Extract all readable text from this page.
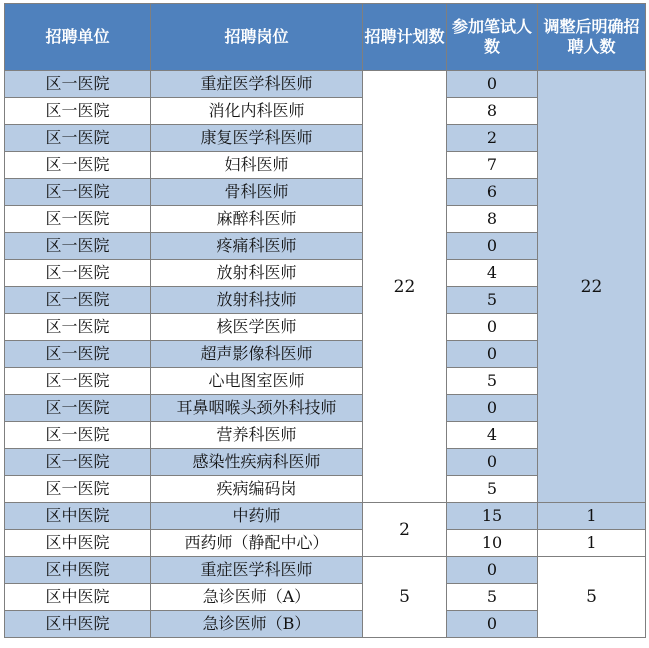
招聘单位	招聘岗位	招聘计划数	参加笔试人数	调整后明确招聘人数
区一医院	重症医学科医师	22	0	22
区一医院	消化内科医师		8	
区一医院	康复医学科医师		2	
区一医院	妇科医师		7	
区一医院	骨科医师		6	
区一医院	麻醉科医师		8	
区一医院	疼痛科医师		0	
区一医院	放射科医师		4	
区一医院	放射科技师		5	
区一医院	核医学医师		0	
区一医院	超声影像科医师		0	
区一医院	心电图室医师		5	
区一医院	耳鼻咽喉头颈外科技师		0	
区一医院	营养科医师		4	
区一医院	感染性疾病科医师		0	
区一医院	疾病编码岗		5	
区中医院	中药师	2	15	1
区中医院	西药师（静配中心）		10	1
区中医院	重症医学科医师	5	0	5
区中医院	急诊医师（A）		5	
区中医院	急诊医师（B）		0	
